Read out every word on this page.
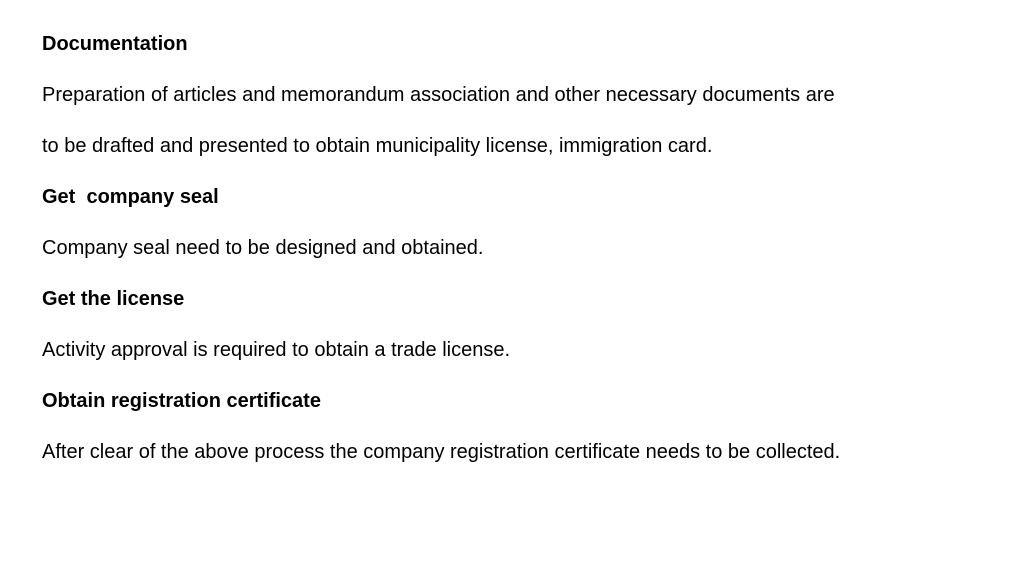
Documentation
Preparation of articles and memorandum association and other necessary documents are
to be drafted and presented to obtain municipality license, immigration card.
Get  company seal
Company seal need to be designed and obtained.
Get the license
Activity approval is required to obtain a trade license.
Obtain registration certificate
After clear of the above process the company registration certificate needs to be collected.
